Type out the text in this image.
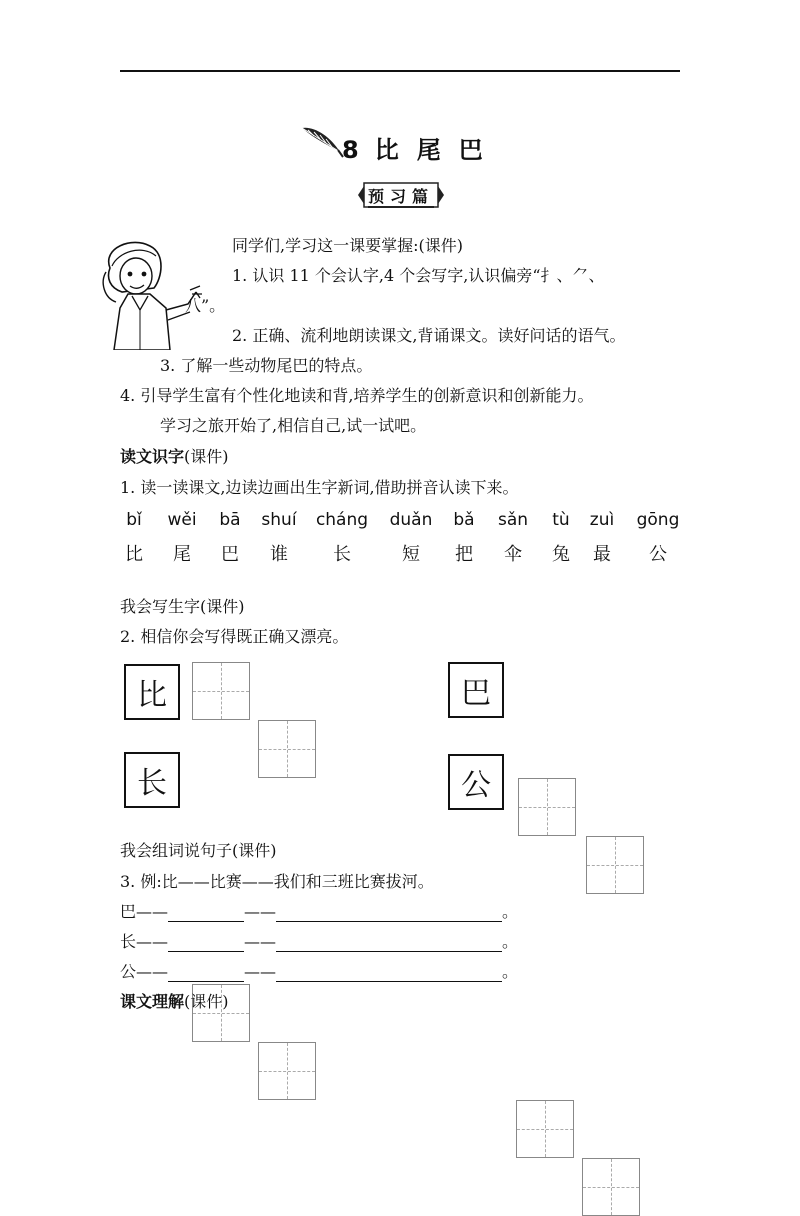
8 比 尾 巴
预习篇
同学们,学习这一课要掌握:(课件)
1. 认识 11 个会认字,4 个会写字,认识偏旁“扌、⺈、
八”。
2. 正确、流利地朗读课文,背诵课文。读好问话的语气。
3. 了解一些动物尾巴的特点。
4. 引导学生富有个性化地读和背,培养学生的创新意识和创新能力。
学习之旅开始了,相信自己,试一试吧。
读文识字(课件)
1. 读一读课文,边读边画出生字新词,借助拼音认读下来。
bǐ	wěi	bā	shuí	cháng	duǎn	bǎ	sǎn	tù	zuì	gōng
比	尾	巴	谁	长	短	把	伞	兔	最	公
我会写生字(课件)
2. 相信你会写得既正确又漂亮。
比	巴
长	公
我会组词说句子(课件)
3. 例:比——比赛——我们和三班比赛拔河。
巴——	——	。
长——	——	。
公——	——	。
课文理解(课件)
